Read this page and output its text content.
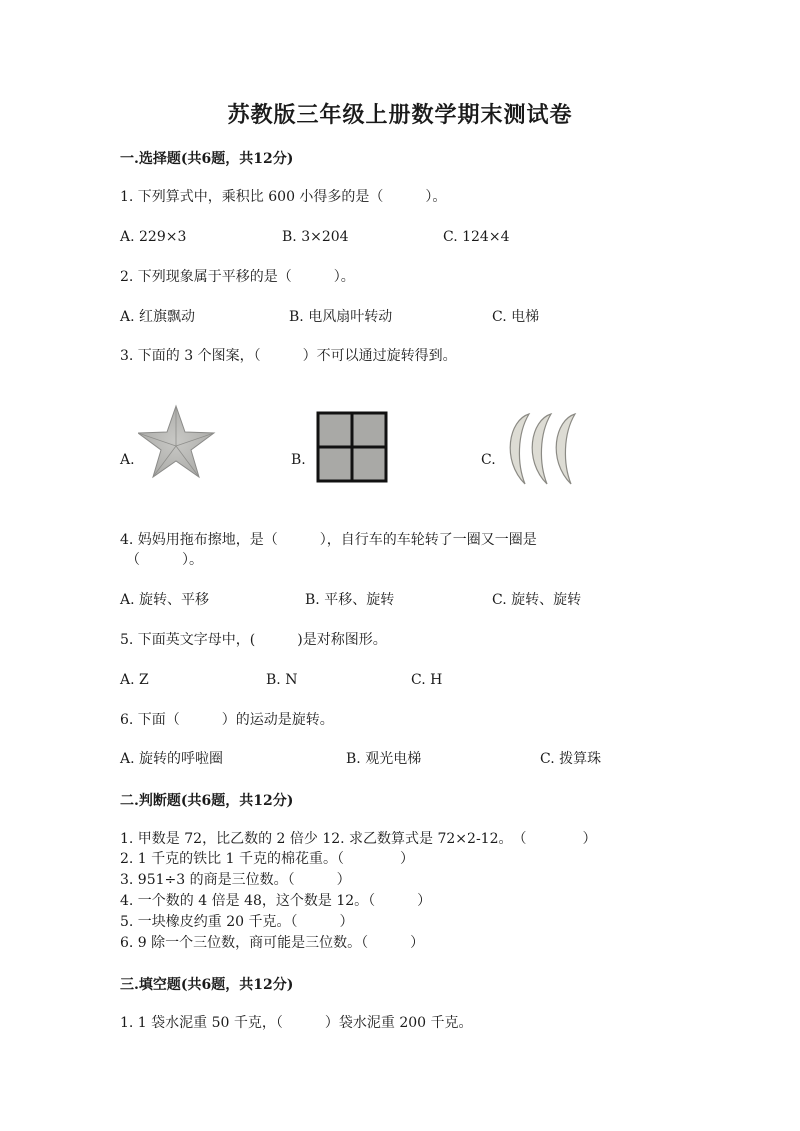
苏教版三年级上册数学期末测试卷
一.选择题(共6题，共12分)
1. 下列算式中，乘积比 600 小得多的是（　　　）。
A. 229×3	B. 3×204	C. 124×4
2. 下列现象属于平移的是（　　　）。
A. 红旗飘动	B. 电风扇叶转动	C. 电梯
3. 下面的 3 个图案，（　　　）不可以通过旋转得到。
A.	B.	C.
4. 妈妈用拖布擦地，是（　　　），自行车的车轮转了一圈又一圈是
（　　　）。
A. 旋转、平移	B. 平移、旋转	C. 旋转、旋转
5. 下面英文字母中，(　　　)是对称图形。
A. Z	B. N	C. H
6. 下面（　　　）的运动是旋转。
A. 旋转的呼啦圈	B. 观光电梯	C. 拨算珠
二.判断题(共6题，共12分)
1. 甲数是 72，比乙数的 2 倍少 12. 求乙数算式是 72×2-12。　（　　　　）
2. 1 千克的铁比 1 千克的棉花重。（　　　　）
3. 951÷3 的商是三位数。（　　　）
4. 一个数的 4 倍是 48，这个数是 12。（　　　）
5. 一块橡皮约重 20 千克。（　　　）
6. 9 除一个三位数，商可能是三位数。（　　　）
三.填空题(共6题，共12分)
1. 1 袋水泥重 50 千克，（　　　）袋水泥重 200 千克。
